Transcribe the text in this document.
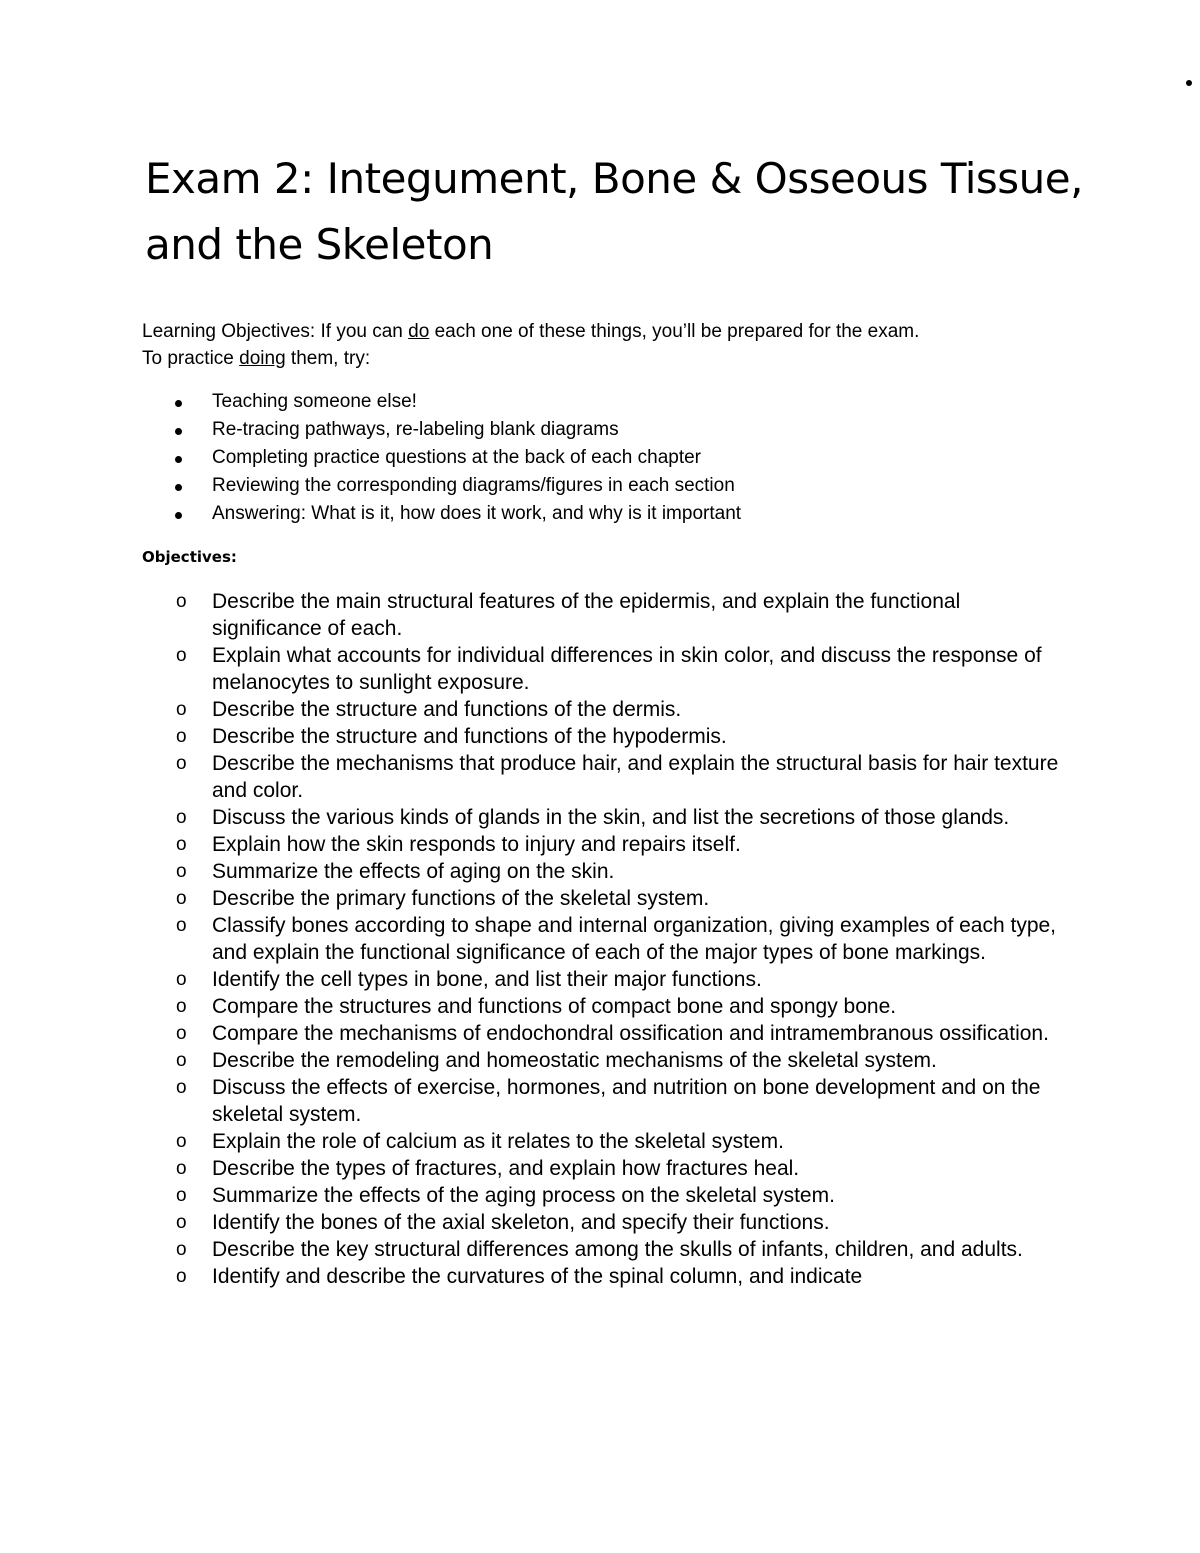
Exam 2: Integument, Bone & Osseous Tissue, and the Skeleton

Learning Objectives: If you can do each one of these things, you’ll be prepared for the exam.
To practice doing them, try:

Teaching someone else!
Re-tracing pathways, re-labeling blank diagrams
Completing practice questions at the back of each chapter
Reviewing the corresponding diagrams/figures in each section
Answering: What is it, how does it work, and why is it important
Objectives:
o Describe the main structural features of the epidermis, and explain the functional significance of each.
o Explain what accounts for individual differences in skin color, and discuss the response of melanocytes to sunlight exposure.
o Describe the structure and functions of the dermis.
o Describe the structure and functions of the hypodermis.
o Describe the mechanisms that produce hair, and explain the structural basis for hair texture and color.
o Discuss the various kinds of glands in the skin, and list the secretions of those glands.
o Explain how the skin responds to injury and repairs itself.
o Summarize the effects of aging on the skin.
o Describe the primary functions of the skeletal system.
o Classify bones according to shape and internal organization, giving examples of each type, and explain the functional significance of each of the major types of bone markings.
o Identify the cell types in bone, and list their major functions.
o Compare the structures and functions of compact bone and spongy bone.
o Compare the mechanisms of endochondral ossification and intramembranous ossification.
o Describe the remodeling and homeostatic mechanisms of the skeletal system.
o Discuss the effects of exercise, hormones, and nutrition on bone development and on the skeletal system.
o Explain the role of calcium as it relates to the skeletal system.
o Describe the types of fractures, and explain how fractures heal.
o Summarize the effects of the aging process on the skeletal system.
o Identify the bones of the axial skeleton, and specify their functions.
o Describe the key structural differences among the skulls of infants, children, and adults.
o Identify and describe the curvatures of the spinal column, and indicate
